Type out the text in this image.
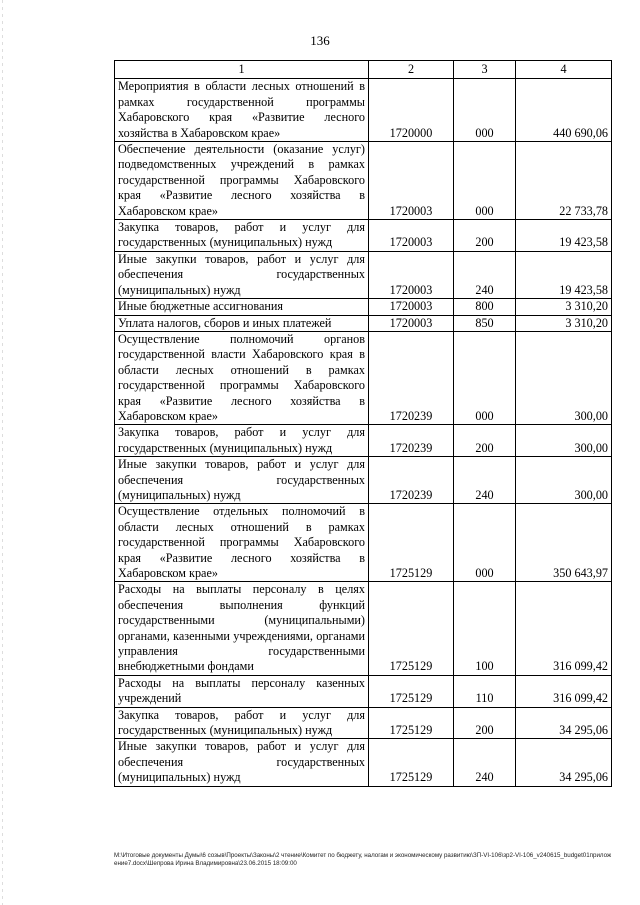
136
1	2	3	4
Мероприятия в области лесных отношений в рамках государственной программы Хабаровского края «Развитие лесного хозяйства в Хабаровском крае»	1720000	000	440 690,06
Обеспечение деятельности (оказание услуг) подведомственных учреждений в рамках государственной программы Хабаровского края «Развитие лесного хозяйства в Хабаровском крае»	1720003	000	22 733,78
Закупка товаров, работ и услуг для государственных (муниципальных) нужд	1720003	200	19 423,58
Иные закупки товаров, работ и услуг для обеспечения государственных (муниципальных) нужд	1720003	240	19 423,58
Иные бюджетные ассигнования	1720003	800	3 310,20
Уплата налогов, сборов и иных платежей	1720003	850	3 310,20
Осуществление полномочий органов государственной власти Хабаровского края в области лесных отношений в рамках государственной программы Хабаровского края «Развитие лесного хозяйства в Хабаровском крае»	1720239	000	300,00
Закупка товаров, работ и услуг для государственных (муниципальных) нужд	1720239	200	300,00
Иные закупки товаров, работ и услуг для обеспечения государственных (муниципальных) нужд	1720239	240	300,00
Осуществление отдельных полномочий в области лесных отношений в рамках государственной программы Хабаровского края «Развитие лесного хозяйства в Хабаровском крае»	1725129	000	350 643,97
Расходы на выплаты персоналу в целях обеспечения выполнения функций государственными (муниципальными) органами, казенными учреждениями, органами управления государственными внебюджетными фондами	1725129	100	316 099,42
Расходы на выплаты персоналу казенных учреждений	1725129	110	316 099,42
Закупка товаров, работ и услуг для государственных (муниципальных) нужд	1725129	200	34 295,06
Иные закупки товаров, работ и услуг для обеспечения государственных (муниципальных) нужд	1725129	240	34 295,06
M:\Итоговые документы Думы\6 созыв\Проекты\Законы\2 чтение\Комитет по бюджету, налогам и экономическому развитию\ЗП-VI-106\зр2-VI-106_v240615_budget01приложение7.docx\Шепрова Ирина Владимировна\23.06.2015 18:09:00
